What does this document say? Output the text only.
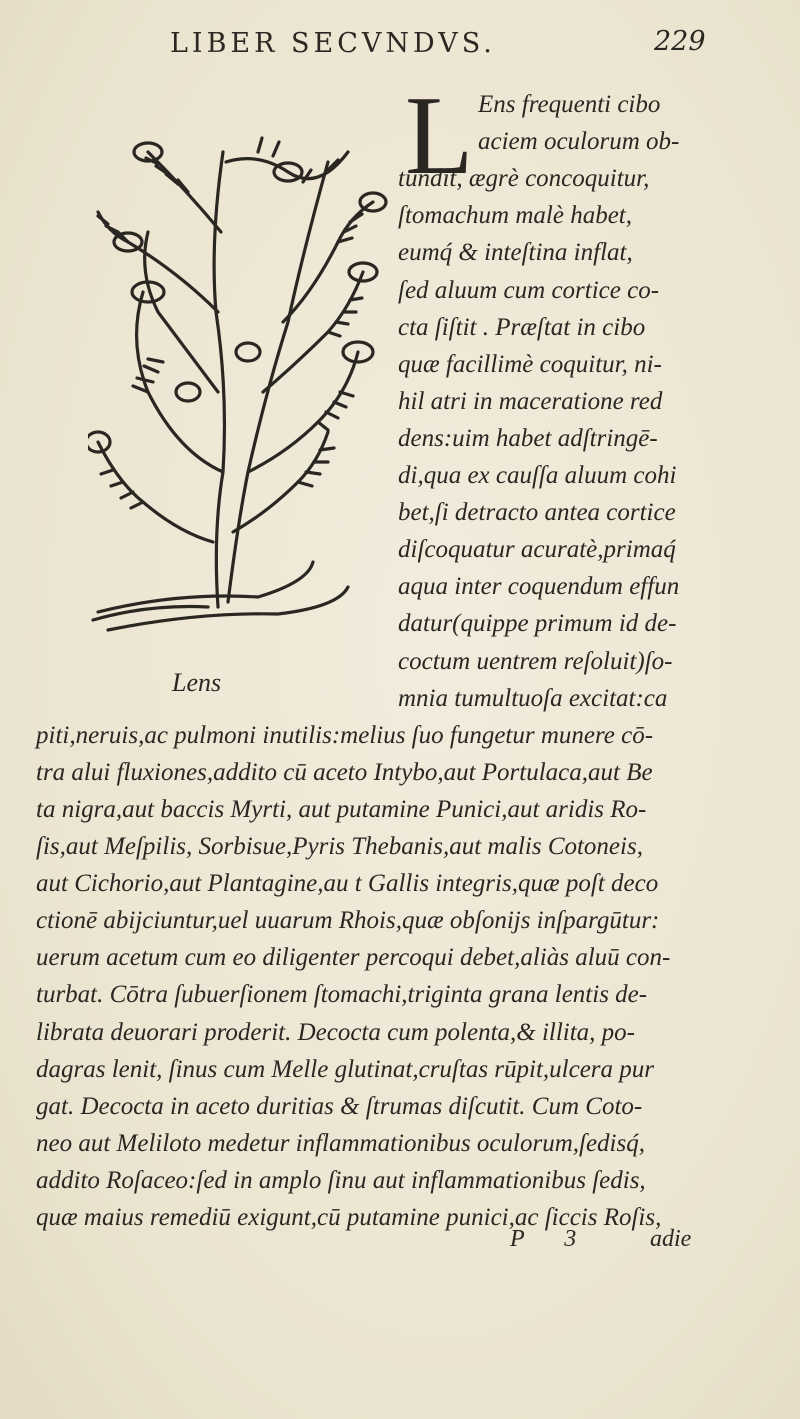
LIBER SECVNDVS.	229
Lens
L Ens frequenti cibo
aciem oculorum ob-
tundit, ægrè concoquitur,
ſtomachum malè habet,
eumq́ & inteſtina inflat,
ſed aluum cum cortice co-
cta ſiſtit . Præſtat in cibo
quæ facillimè coquitur, ni-
hil atri in maceratione red
dens:uim habet adſtringē-
di,qua ex cauſſa aluum cohi
bet,ſi detracto antea cortice
diſcoquatur acuratè,primaq́
aqua inter coquendum effun
datur(quippe primum id de-
coctum uentrem reſoluit)ſo-
mnia tumultuoſa excitat:ca
piti,neruis,ac pulmoni inutilis:melius ſuo fungetur munere cō-
tra alui fluxiones,addito cū aceto Intybo,aut Portulaca,aut Be
ta nigra,aut baccis Myrti, aut putamine Punici,aut aridis Ro-
ſis,aut Meſpilis, Sorbisue,Pyris Thebanis,aut malis Cotoneis,
aut Cichorio,aut Plantagine,au t Gallis integris,quæ poſt deco
ctionē abijciuntur,uel uuarum Rhois,quæ obſonijs inſpargūtur:
uerum acetum cum eo diligenter percoqui debet,aliàs aluū con-
turbat. Cōtra ſubuerſionem ſtomachi,triginta grana lentis de-
librata deuorari proderit. Decocta cum polenta,& illita, po-
dagras lenit, ſinus cum Melle glutinat,cruſtas rūpit,ulcera pur
gat. Decocta in aceto duritias & ſtrumas diſcutit. Cum Coto-
neo aut Meliloto medetur inflammationibus oculorum,ſedisq́,
addito Roſaceo:ſed in amplo ſinu aut inflammationibus ſedis,
quæ maius remediū exigunt,cū putamine punici,ac ſiccis Roſis,
P 3	adie
